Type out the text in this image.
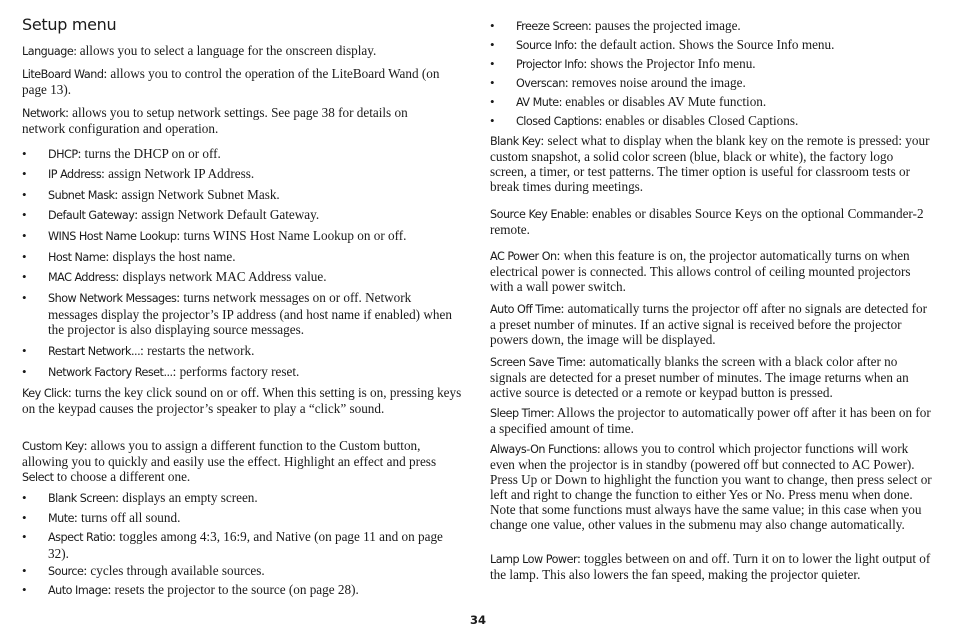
Setup menu

Language: allows you to select a language for the onscreen display.

LiteBoard Wand: allows you to control the operation of the LiteBoard Wand (on page 13).

Network: allows you to setup network settings. See page 38 for details on network configuration and operation.

•	DHCP: turns the DHCP on or off.

•	IP Address: assign Network IP Address.

•	Subnet Mask: assign Network Subnet Mask.

•	Default Gateway: assign Network Default Gateway.

•	WINS Host Name Lookup: turns WINS Host Name Lookup on or off.

•	Host Name: displays the host name.

•	MAC Address: displays network MAC Address value.

•	Show Network Messages: turns network messages on or off. Network messages display the projector’s IP address (and host name if enabled) when the projector is also displaying source messages.

•	Restart Network...: restarts the network.

•	Network Factory Reset...: performs factory reset.

Key Click: turns the key click sound on or off. When this setting is on, pressing keys on the keypad causes the projector’s speaker to play a “click” sound.

Custom Key: allows you to assign a different function to the Custom button, allowing you to quickly and easily use the effect. Highlight an effect and press Select to choose a different one.

•	Blank Screen: displays an empty screen.

•	Mute: turns off all sound.

•	Aspect Ratio: toggles among 4:3, 16:9, and Native (on page 11 and on page 32).

•	Source: cycles through available sources.

•	Auto Image: resets the projector to the source (on page 28).

•	Freeze Screen: pauses the projected image.

•	Source Info: the default action. Shows the Source Info menu.

•	Projector Info: shows the Projector Info menu.

•	Overscan: removes noise around the image.

•	AV Mute: enables or disables AV Mute function.

•	Closed Captions: enables or disables Closed Captions.

Blank Key: select what to display when the blank key on the remote is pressed: your custom snapshot, a solid color screen (blue, black or white), the factory logo screen, a timer, or test patterns. The timer option is useful for classroom tests or break times during meetings.

Source Key Enable: enables or disables Source Keys on the optional Commander-2 remote.

AC Power On: when this feature is on, the projector automatically turns on when electrical power is connected. This allows control of ceiling mounted projectors with a wall power switch.

Auto Off Time: automatically turns the projector off after no signals are detected for a preset number of minutes. If an active signal is received before the projector powers down, the image will be displayed.

Screen Save Time: automatically blanks the screen with a black color after no signals are detected for a preset number of minutes. The image returns when an active source is detected or a remote or keypad button is pressed.

Sleep Timer: Allows the projector to automatically power off after it has been on for a specified amount of time.

Always-On Functions: allows you to control which projector functions will work even when the projector is in standby (powered off but connected to AC Power). Press Up or Down to highlight the function you want to change, then press select or left and right to change the function to either Yes or No. Press menu when done. Note that some functions must always have the same value; in this case when you change one value, other values in the submenu may also change automatically.

Lamp Low Power: toggles between on and off. Turn it on to lower the light output of the lamp. This also lowers the fan speed, making the projector quieter.

34
